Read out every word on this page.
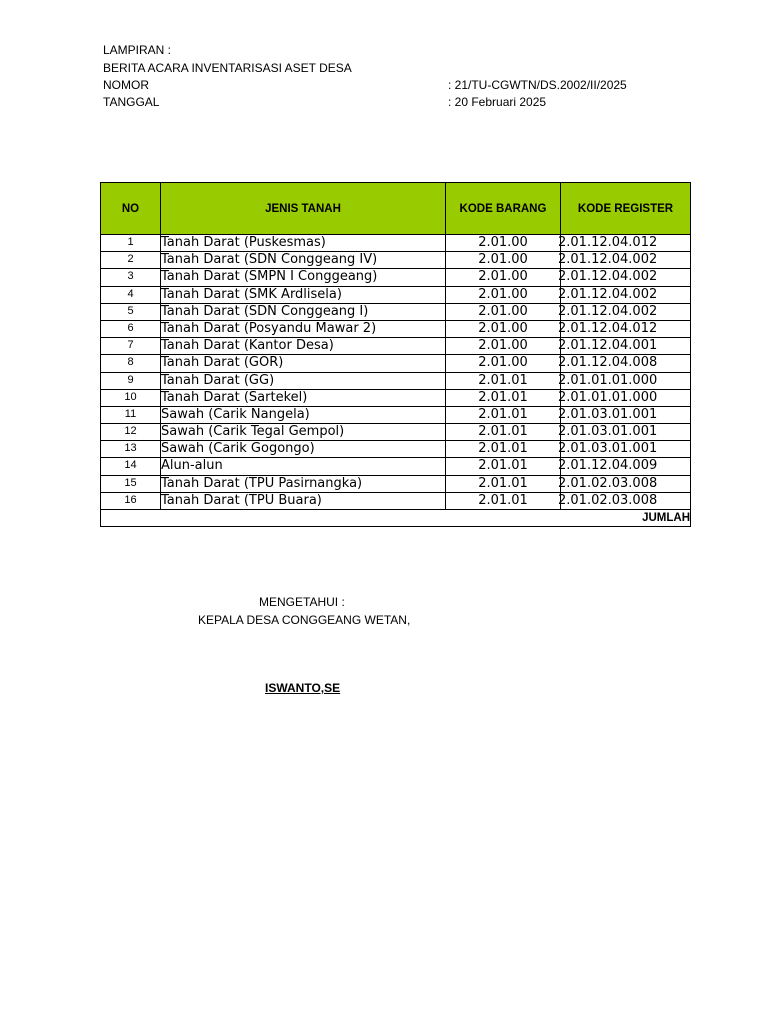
LAMPIRAN :
BERITA ACARA INVENTARISASI ASET DESA
NOMOR	: 21/TU-CGWTN/DS.2002/II/2025
TANGGAL	: 20 Februari 2025
NO	JENIS TANAH	KODE BARANG	KODE REGISTER
1	Tanah Darat (Puskesmas)	2.01.00	2.01.12.04.012
2	Tanah Darat (SDN Conggeang IV)	2.01.00	2.01.12.04.002
3	Tanah Darat (SMPN I Conggeang)	2.01.00	2.01.12.04.002
4	Tanah Darat (SMK Ardlisela)	2.01.00	2.01.12.04.002
5	Tanah Darat (SDN Conggeang I)	2.01.00	2.01.12.04.002
6	Tanah Darat (Posyandu Mawar 2)	2.01.00	2.01.12.04.012
7	Tanah Darat (Kantor Desa)	2.01.00	2.01.12.04.001
8	Tanah Darat (GOR)	2.01.00	2.01.12.04.008
9	Tanah Darat (GG)	2.01.01	2.01.01.01.000
10	Tanah Darat (Sartekel)	2.01.01	2.01.01.01.000
11	Sawah (Carik Nangela)	2.01.01	2.01.03.01.001
12	Sawah (Carik Tegal Gempol)	2.01.01	2.01.03.01.001
13	Sawah (Carik Gogongo)	2.01.01	2.01.03.01.001
14	Alun-alun	2.01.01	2.01.12.04.009
15	Tanah Darat (TPU Pasirnangka)	2.01.01	2.01.02.03.008
16	Tanah Darat (TPU Buara)	2.01.01	2.01.02.03.008
JUMLAH			
MENGETAHUI :
KEPALA DESA CONGGEANG WETAN,
ISWANTO,SE
